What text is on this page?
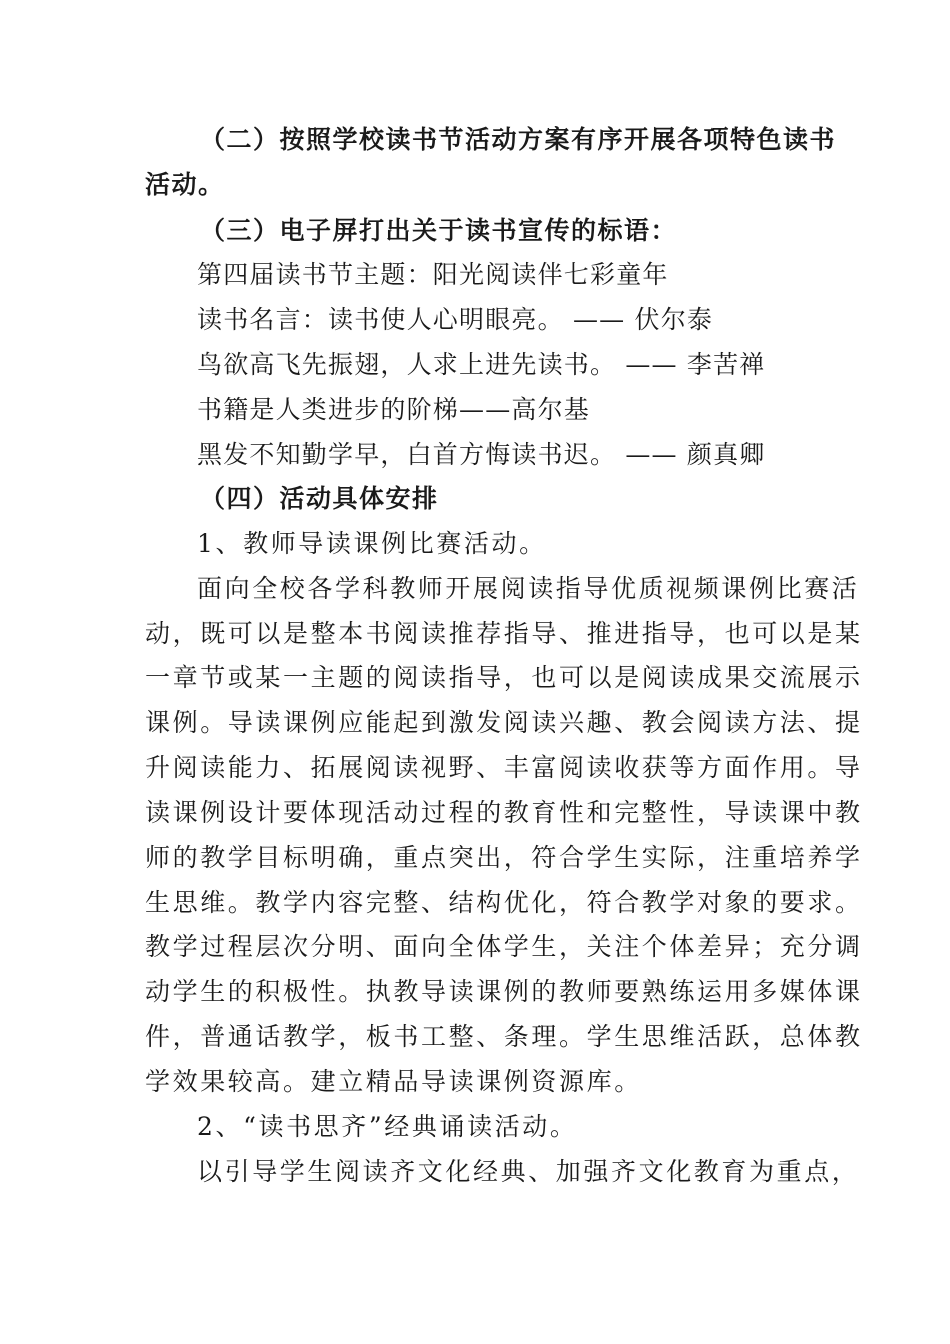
（二）按照学校读书节活动方案有序开展各项特色读书
活动。
（三）电子屏打出关于读书宣传的标语：
第四届读书节主题：阳光阅读伴七彩童年
读书名言：读书使人心明眼亮。 —— 伏尔泰
鸟欲高飞先振翅，人求上进先读书。 —— 李苦禅
书籍是人类进步的阶梯——高尔基
黑发不知勤学早，白首方悔读书迟。 —— 颜真卿
（四）活动具体安排
1、教师导读课例比赛活动。
面向全校各学科教师开展阅读指导优质视频课例比赛活
动，既可以是整本书阅读推荐指导、推进指导，也可以是某
一章节或某一主题的阅读指导，也可以是阅读成果交流展示
课例。导读课例应能起到激发阅读兴趣、教会阅读方法、提
升阅读能力、拓展阅读视野、丰富阅读收获等方面作用。导
读课例设计要体现活动过程的教育性和完整性，导读课中教
师的教学目标明确，重点突出，符合学生实际，注重培养学
生思维。教学内容完整、结构优化，符合教学对象的要求。
教学过程层次分明、面向全体学生，关注个体差异；充分调
动学生的积极性。执教导读课例的教师要熟练运用多媒体课
件，普通话教学，板书工整、条理。学生思维活跃，总体教
学效果较高。建立精品导读课例资源库。
2、“读书思齐”经典诵读活动。
以引导学生阅读齐文化经典、加强齐文化教育为重点，
